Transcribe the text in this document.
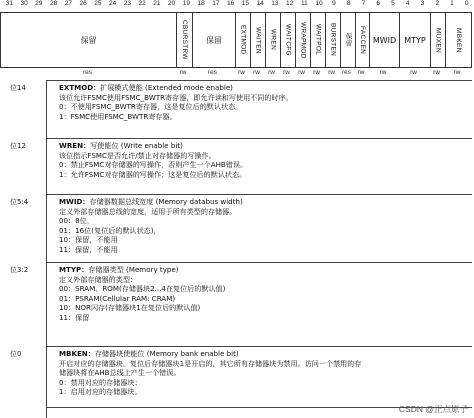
31	30	29	28	27	26	25	24	23	22	21	20	19	18	17	16	15	14	13	12	11	10	9	8	7	6	5	4	3	2	1	0
保留	CBURSTRW 保留	EXTMOD WAITEN WREN WAITCFG WRAPMOD WAITPOL BURSTEN 保留 FACCEN MWID MTYP MUXEN MBKEN
res	rw	res	rw	rw	rw	rw	rw	rw	rw	res	rw	rw	rw	rw	rw
位14	EXTMOD：扩展模式使能 (Extended mode enable)
该位允许FSMC使用FSMC_BWTR寄存器，即允许读和写使用不同的时序。
0：不使用FSMC_BWTR寄存器，这是复位后的默认状态。
1：FSMC使用FSMC_BWTR寄存器。
位12	WREN：写使能位 (Write enable bit)
该位指示FSMC是否允许/禁止对存储器的写操作。
0：禁止FSMC对存储器的写操作，否则产生一个AHB错误。
1：允许FSMC对存储器的写操作；这是复位后的默认状态。
位5:4	MWID：存储器数据总线宽度 (Memory databus width)
定义外部存储器总线的宽度，适用于所有类型的存储器。
00：8位，
01：16位(复位后的默认状态)，
10：保留，不能用
11：保留，不能用
位3:2	MTYP：存储器类型 (Memory type)
定义外部存储器的类型：
00：SRAM、ROM(存储器块2...4在复位后的默认值)
01：PSRAM(Cellular RAM: CRAM)
10：NOR闪存(存储器块1在复位后的默认值)
11：保留
位0	MBKEN：存储器块使能位 (Memory bank enable bit)
开启对应的存储器块。复位后存储器块1是开启的，其它所有存储器块为禁用。访问一个禁用的存
储器块将在AHB总线上产生一个错误。
0：禁用对应的存储器块；
1：启用对应的存储器块。
CSDN @正点原子
